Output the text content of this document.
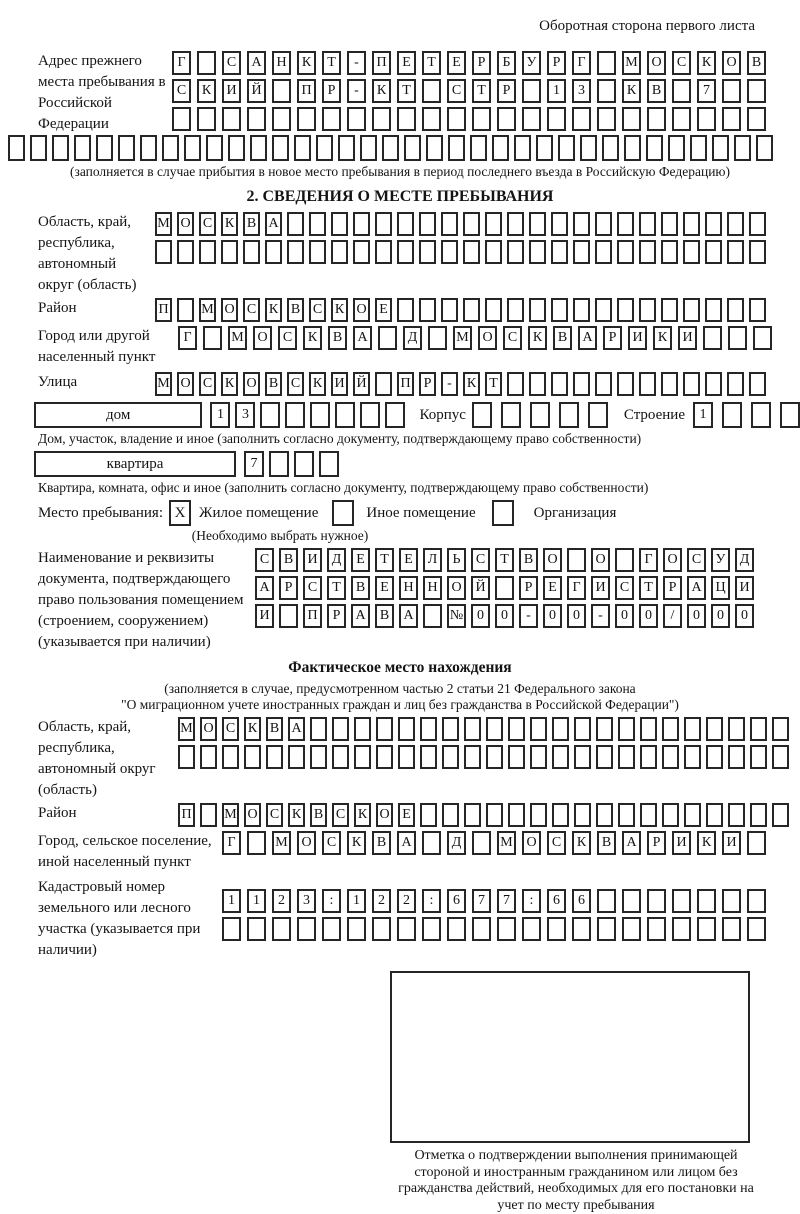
Оборотная сторона первого листа
Адрес прежнего места пребывания в Российской Федерации
Г	С	А	Н	К	Т	-	П	Е	Т	Е	Р	Б	У	Р	Г	М О	С	К	О	В
С	К	И	Й	П	Р	-	К	Т	С	Т	Р	1	3	К	В	7
(заполняется в случае прибытия в новое место пребывания в период последнего въезда в Российскую Федерацию)
2. СВЕДЕНИЯ О МЕСТЕ ПРЕБЫВАНИЯ
Область, край, республика, автономный округ (область)
М О С К В А
Район	П М О С К В С К О Е
Город или другой населенный пункт
Г	М О	С	К	В	А	Д	М О	С	К	В	А	Р	И	К	И
Улица	М О С К О В С К И Й П Р	-	К Т
дом	1	3	Корпус	Строение	1
Дом, участок, владение и иное (заполнить согласно документу, подтверждающему право собственности)
квартира	7
Квартира, комната, офис и иное (заполнить согласно документу, подтверждающему право собственности)
Место пребывания: X Жилое помещение	Иное помещение	Организация
(Необходимо выбрать нужное)
Наименование и реквизиты документа, подтверждающего право пользования помещением (строением, сооружением) (указывается при наличии)
С	В	И	Д	Е	Т	Е	Л	Ь	С	Т	В	О	О	Г	О	С	У	Д
А	Р	С	Т	В	Е	Н Н О Й	Р	Е	Г	И	С	Т	Р	А Ц И
И	П	Р	А	В	А	№ 0	0	-	0	0	-	0	0	/	0	0	0
Фактическое место нахождения
(заполняется в случае, предусмотренном частью 2 статьи 21 Федерального закона
"О миграционном учете иностранных граждан и лиц без гражданства в Российской Федерации")
Область, край, республика, автономный округ (область)
М О С К В А
Район	П М О С К В С К О Е
Город, сельское поселение, иной населенный пункт
Г	М О	С	К	В	А	Д	М О	С	К	В	А	Р	И	К	И
Кадастровый номер земельного или лесного участка (указывается при наличии)
1	1	2	3	:	1	2	2	:	6	7	7	:	6	6
Отметка о подтверждении выполнения принимающей стороной и иностранным гражданином или лицом без гражданства действий, необходимых для его постановки на учет по месту пребывания
